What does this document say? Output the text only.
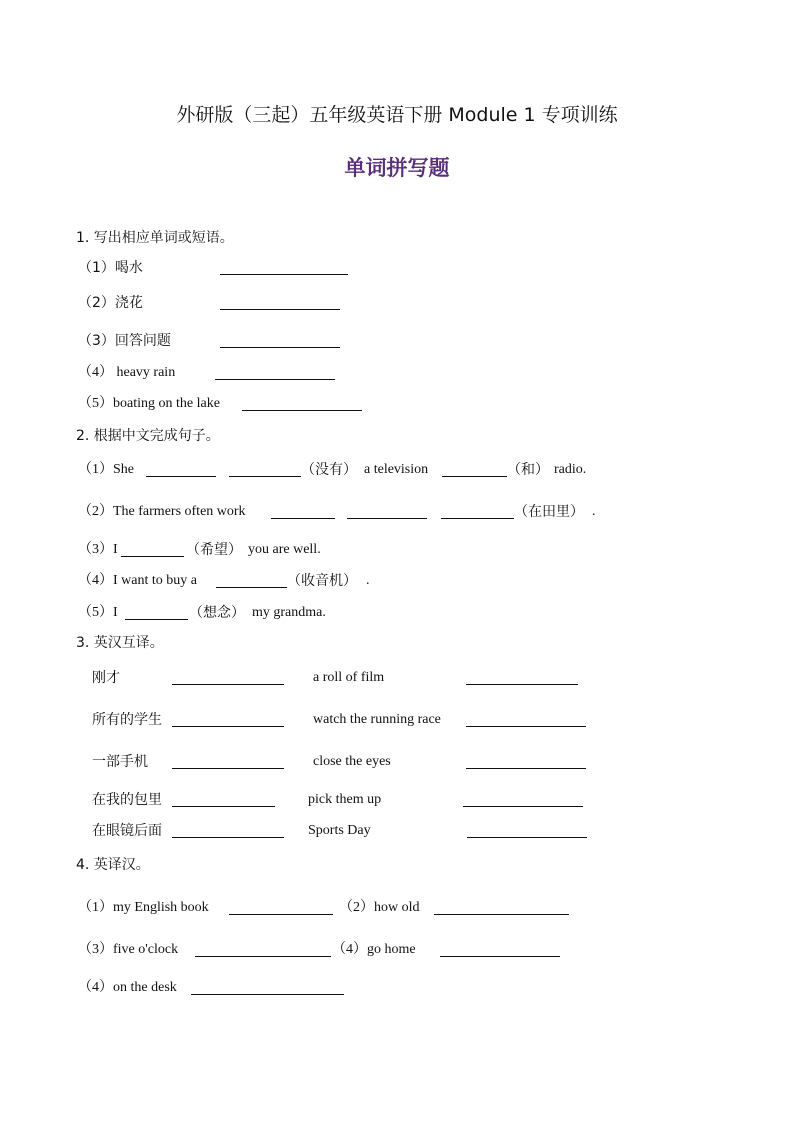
外研版（三起）五年级英语下册 Module 1 专项训练
单词拼写题
1. 写出相应单词或短语。
（1）喝水
（2）浇花
（3）回答问题
（4） heavy rain
（5）boating on the lake
2. 根据中文完成句子。
（1）She	（没有） a television	（和） radio.
（2）The farmers often work	（在田里） .
（3）I	（希望） you are well.
（4）I want to buy a	（收音机） .
（5）I	（想念） my grandma.
3. 英汉互译。
刚才	a roll of film
所有的学生	watch the running race
一部手机	close the eyes
在我的包里	pick them up
在眼镜后面	Sports Day
4. 英译汉。
（1）my English book	（2）how old
（3）five o'clock	（4）go home
（4）on the desk
